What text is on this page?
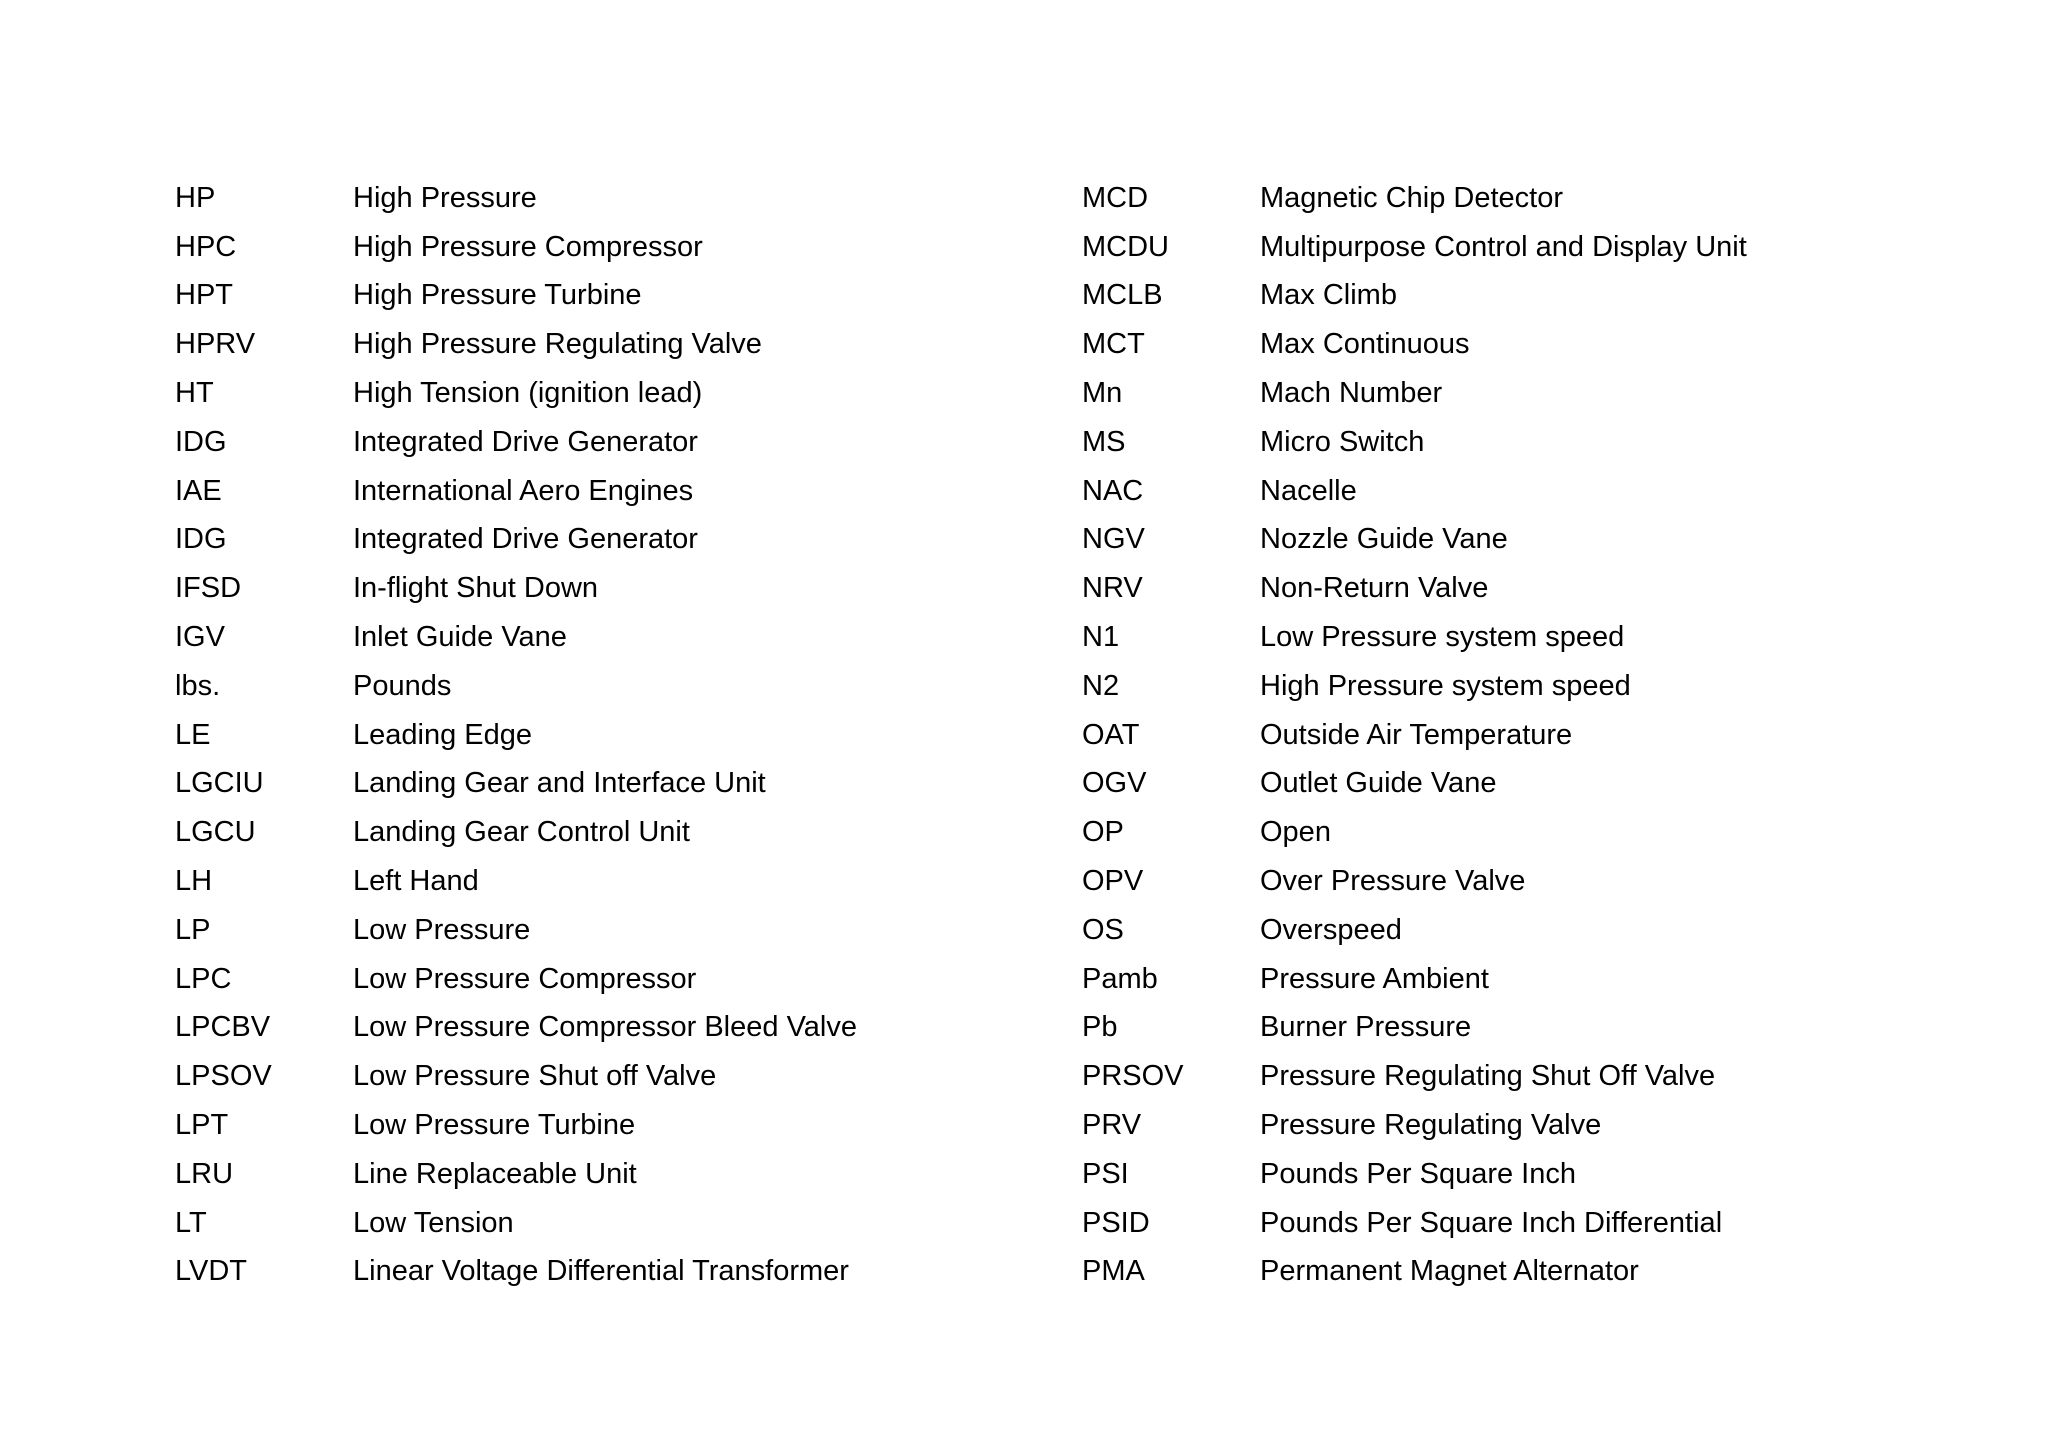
HP	High Pressure
HPC	High Pressure Compressor
HPT	High Pressure Turbine
HPRV	High Pressure Regulating Valve
HT	High Tension (ignition lead)
IDG	Integrated Drive Generator
IAE	International Aero Engines
IDG	Integrated Drive Generator
IFSD	In-flight Shut Down
IGV	Inlet Guide Vane
lbs.	Pounds
LE	Leading Edge
LGCIU	Landing Gear and Interface Unit
LGCU	Landing Gear Control Unit
LH	Left Hand
LP	Low Pressure
LPC	Low Pressure Compressor
LPCBV	Low Pressure Compressor Bleed Valve
LPSOV	Low Pressure Shut off Valve
LPT	Low Pressure Turbine
LRU	Line Replaceable Unit
LT	Low Tension
LVDT	Linear Voltage Differential Transformer
MCD	Magnetic Chip Detector
MCDU	Multipurpose Control and Display Unit
MCLB	Max Climb
MCT	Max Continuous
Mn	Mach Number
MS	Micro Switch
NAC	Nacelle
NGV	Nozzle Guide Vane
NRV	Non-Return Valve
N1	Low Pressure system speed
N2	High Pressure system speed
OAT	Outside Air Temperature
OGV	Outlet Guide Vane
OP	Open
OPV	Over Pressure Valve
OS	Overspeed
Pamb	Pressure Ambient
Pb	Burner Pressure
PRSOV	Pressure Regulating Shut Off Valve
PRV	Pressure Regulating Valve
PSI	Pounds Per Square Inch
PSID	Pounds Per Square Inch Differential
PMA	Permanent Magnet Alternator
